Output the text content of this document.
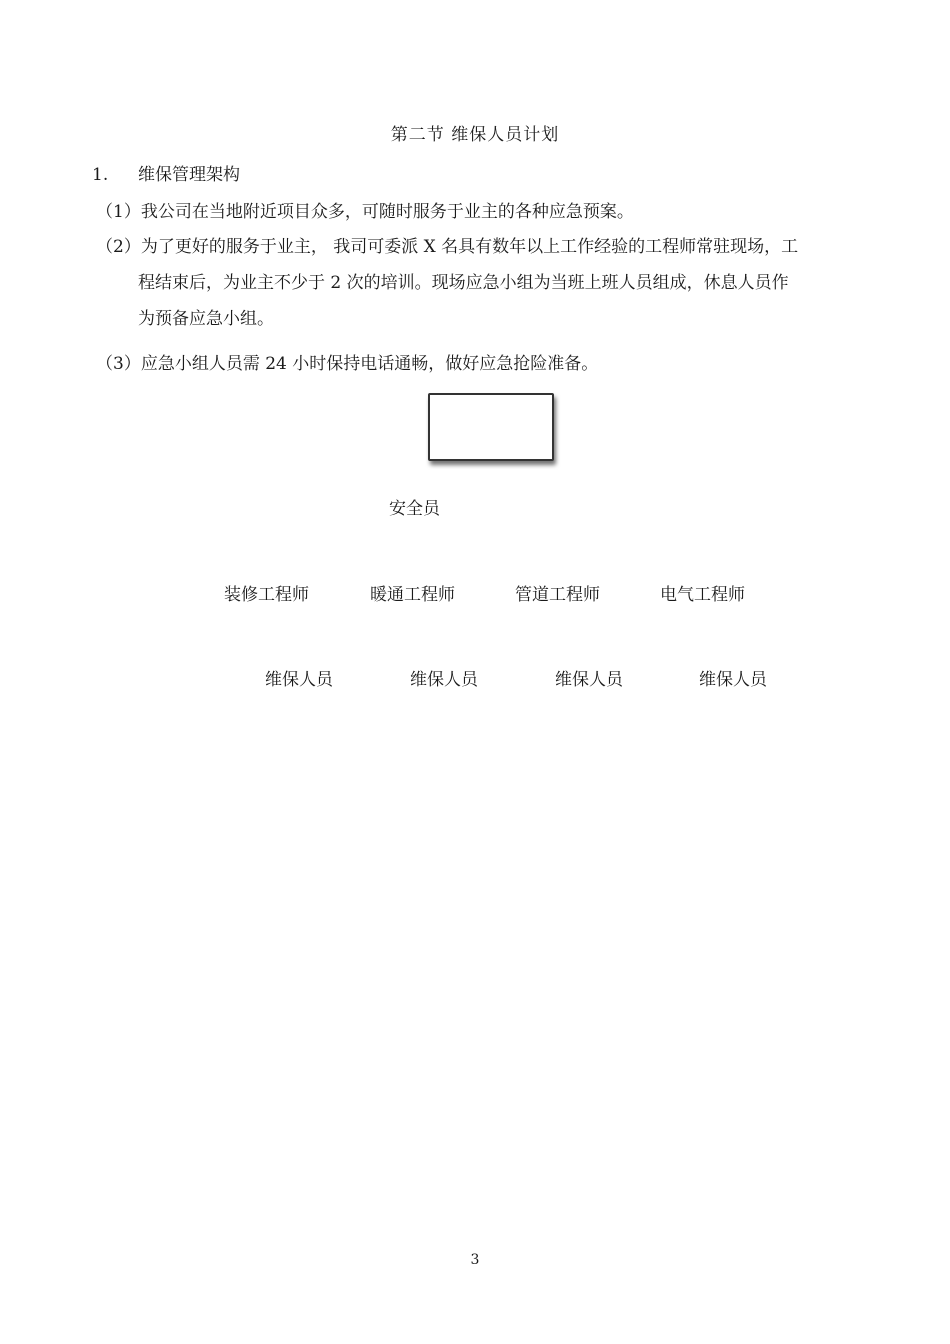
第二节 维保人员计划
1. 维保管理架构
（1）我公司在当地附近项目众多，可随时服务于业主的各种应急预案。
（2）为了更好的服务于业主， 我司可委派 X 名具有数年以上工作经验的工程师常驻现场，工
程结束后，为业主不少于 2 次的培训。现场应急小组为当班上班人员组成，休息人员作
为预备应急小组。
（3）应急小组人员需 24 小时保持电话通畅，做好应急抢险准备。
安全员
装修工程师	暖通工程师	管道工程师	电气工程师
维保人员	维保人员	维保人员	维保人员
3
